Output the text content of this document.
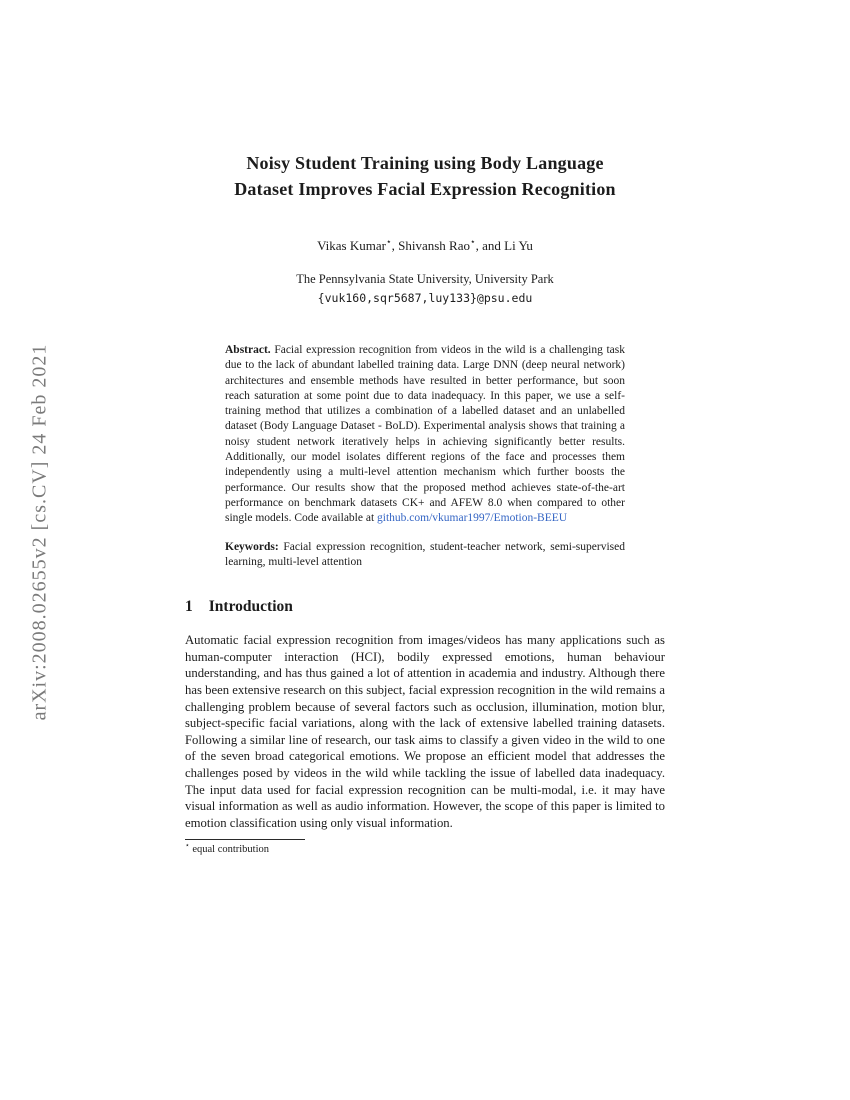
arXiv:2008.02655v2 [cs.CV] 24 Feb 2021
Noisy Student Training using Body Language
Dataset Improves Facial Expression Recognition
Vikas Kumar⋆, Shivansh Rao⋆, and Li Yu
The Pennsylvania State University, University Park
{vuk160,sqr5687,luy133}@psu.edu

Abstract. Facial expression recognition from videos in the wild is a challenging task due to the lack of abundant labelled training data. Large DNN (deep neural network) architectures and ensemble methods have resulted in better performance, but soon reach saturation at some point due to data inadequacy. In this paper, we use a self-training method that utilizes a combination of a labelled dataset and an unlabelled dataset (Body Language Dataset - BoLD). Experimental analysis shows that training a noisy student network iteratively helps in achieving significantly better results. Additionally, our model isolates different regions of the face and processes them independently using a multi-level attention mechanism which further boosts the performance. Our results show that the proposed method achieves state-of-the-art performance on benchmark datasets CK+ and AFEW 8.0 when compared to other single models. Code available at github.com/vkumar1997/Emotion-BEEU

Keywords: Facial expression recognition, student-teacher network, semi-supervised learning, multi-level attention

1 Introduction

Automatic facial expression recognition from images/videos has many applications such as human-computer interaction (HCI), bodily expressed emotions, human behaviour understanding, and has thus gained a lot of attention in academia and industry. Although there has been extensive research on this subject, facial expression recognition in the wild remains a challenging problem because of several factors such as occlusion, illumination, motion blur, subject-specific facial variations, along with the lack of extensive labelled training datasets. Following a similar line of research, our task aims to classify a given video in the wild to one of the seven broad categorical emotions. We propose an efficient model that addresses the challenges posed by videos in the wild while tackling the issue of labelled data inadequacy. The input data used for facial expression recognition can be multi-modal, i.e. it may have visual information as well as audio information. However, the scope of this paper is limited to emotion classification using only visual information.

⋆ equal contribution
